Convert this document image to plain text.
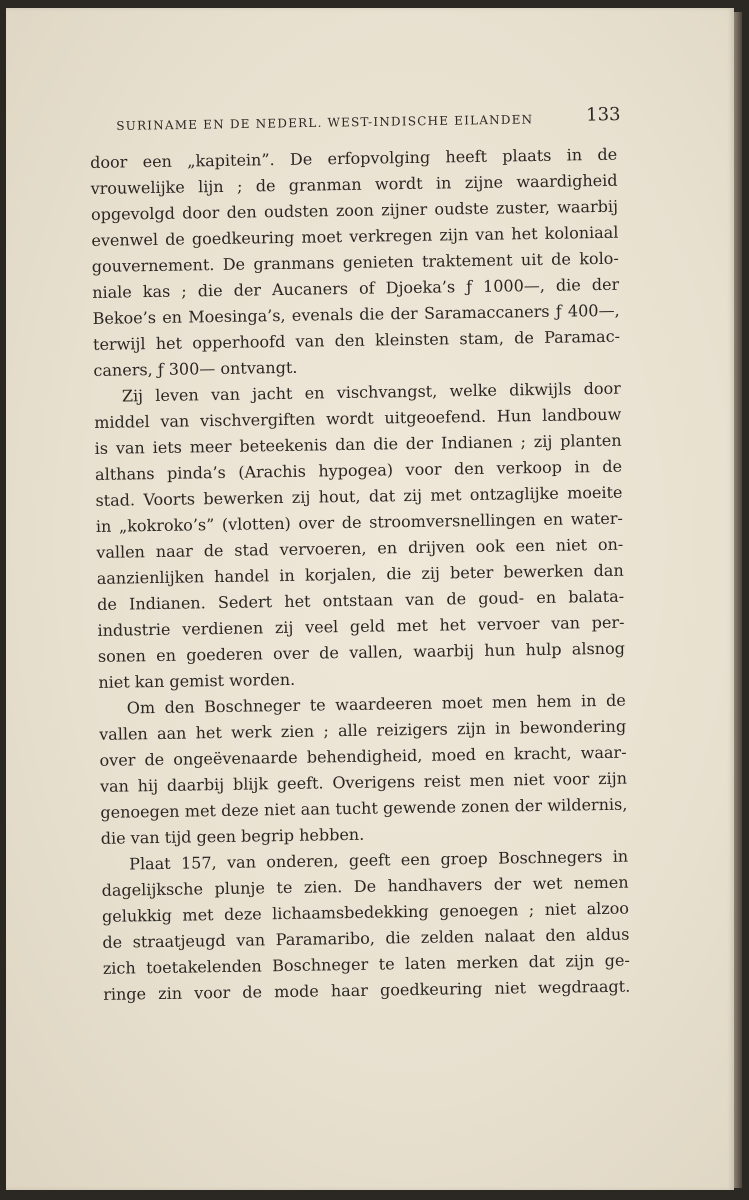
SURINAME EN DE NEDERL. WEST-INDISCHE EILANDEN	133
door een „kapitein”. De erfopvolging heeft plaats in de
vrouwelijke lijn ; de granman wordt in zijne waardigheid
opgevolgd door den oudsten zoon zijner oudste zuster, waarbij
evenwel de goedkeuring moet verkregen zijn van het koloniaal
gouvernement. De granmans genieten traktement uit de kolo-
niale kas ; die der Aucaners of Djoeka’s ƒ 1000—, die der
Bekoe’s en Moesinga’s, evenals die der Saramaccaners ƒ 400—,
terwijl het opperhoofd van den kleinsten stam, de Paramac-
caners, ƒ 300— ontvangt.
Zij leven van jacht en vischvangst, welke dikwijls door
middel van vischvergiften wordt uitgeoefend. Hun landbouw
is van iets meer beteekenis dan die der Indianen ; zij planten
althans pinda’s (Arachis hypogea) voor den verkoop in de
stad. Voorts bewerken zij hout, dat zij met ontzaglijke moeite
in „kokroko’s” (vlotten) over de stroomversnellingen en water-
vallen naar de stad vervoeren, en drijven ook een niet on-
aanzienlijken handel in korjalen, die zij beter bewerken dan
de Indianen. Sedert het ontstaan van de goud- en balata-
industrie verdienen zij veel geld met het vervoer van per-
sonen en goederen over de vallen, waarbij hun hulp alsnog
niet kan gemist worden.
Om den Boschneger te waardeeren moet men hem in de
vallen aan het werk zien ; alle reizigers zijn in bewondering
over de ongeëvenaarde behendigheid, moed en kracht, waar-
van hij daarbij blijk geeft. Overigens reist men niet voor zijn
genoegen met deze niet aan tucht gewende zonen der wildernis,
die van tijd geen begrip hebben.
Plaat 157, van onderen, geeft een groep Boschnegers in
dagelijksche plunje te zien. De handhavers der wet nemen
gelukkig met deze lichaamsbedekking genoegen ; niet alzoo
de straatjeugd van Paramaribo, die zelden nalaat den aldus
zich toetakelenden Boschneger te laten merken dat zijn ge-
ringe zin voor de mode haar goedkeuring niet wegdraagt.
